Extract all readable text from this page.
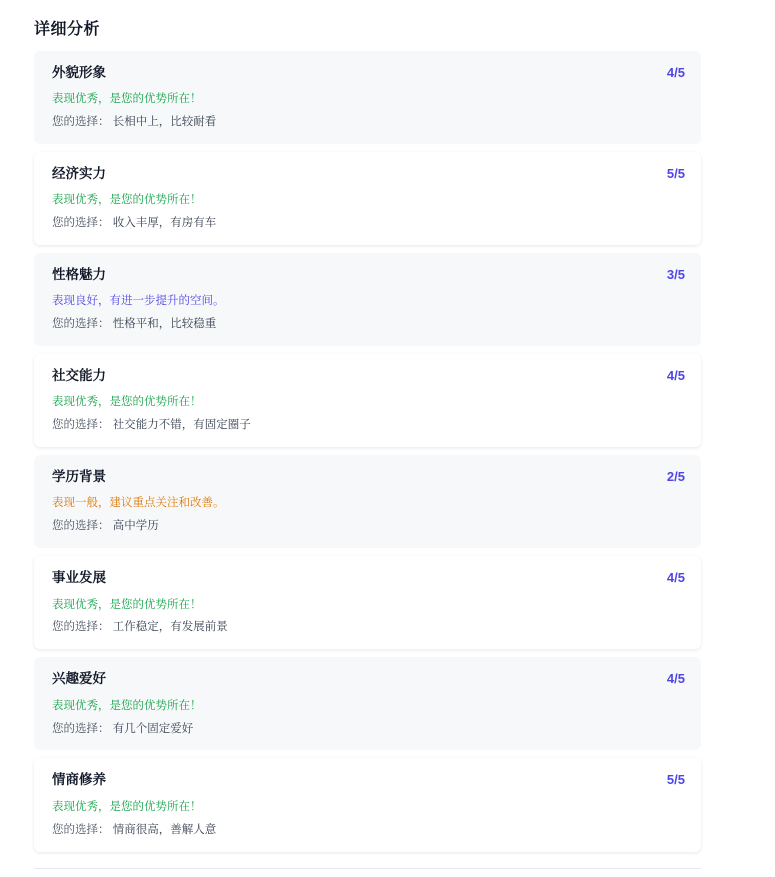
详细分析
外貌形象	4/5
表现优秀，是您的优势所在！
您的选择： 长相中上，比较耐看
经济实力	5/5
表现优秀，是您的优势所在！
您的选择： 收入丰厚，有房有车
性格魅力	3/5
表现良好，有进一步提升的空间。
您的选择： 性格平和，比较稳重
社交能力	4/5
表现优秀，是您的优势所在！
您的选择： 社交能力不错，有固定圈子
学历背景	2/5
表现一般，建议重点关注和改善。
您的选择： 高中学历
事业发展	4/5
表现优秀，是您的优势所在！
您的选择： 工作稳定，有发展前景
兴趣爱好	4/5
表现优秀，是您的优势所在！
您的选择： 有几个固定爱好
情商修养	5/5
表现优秀，是您的优势所在！
您的选择： 情商很高，善解人意
